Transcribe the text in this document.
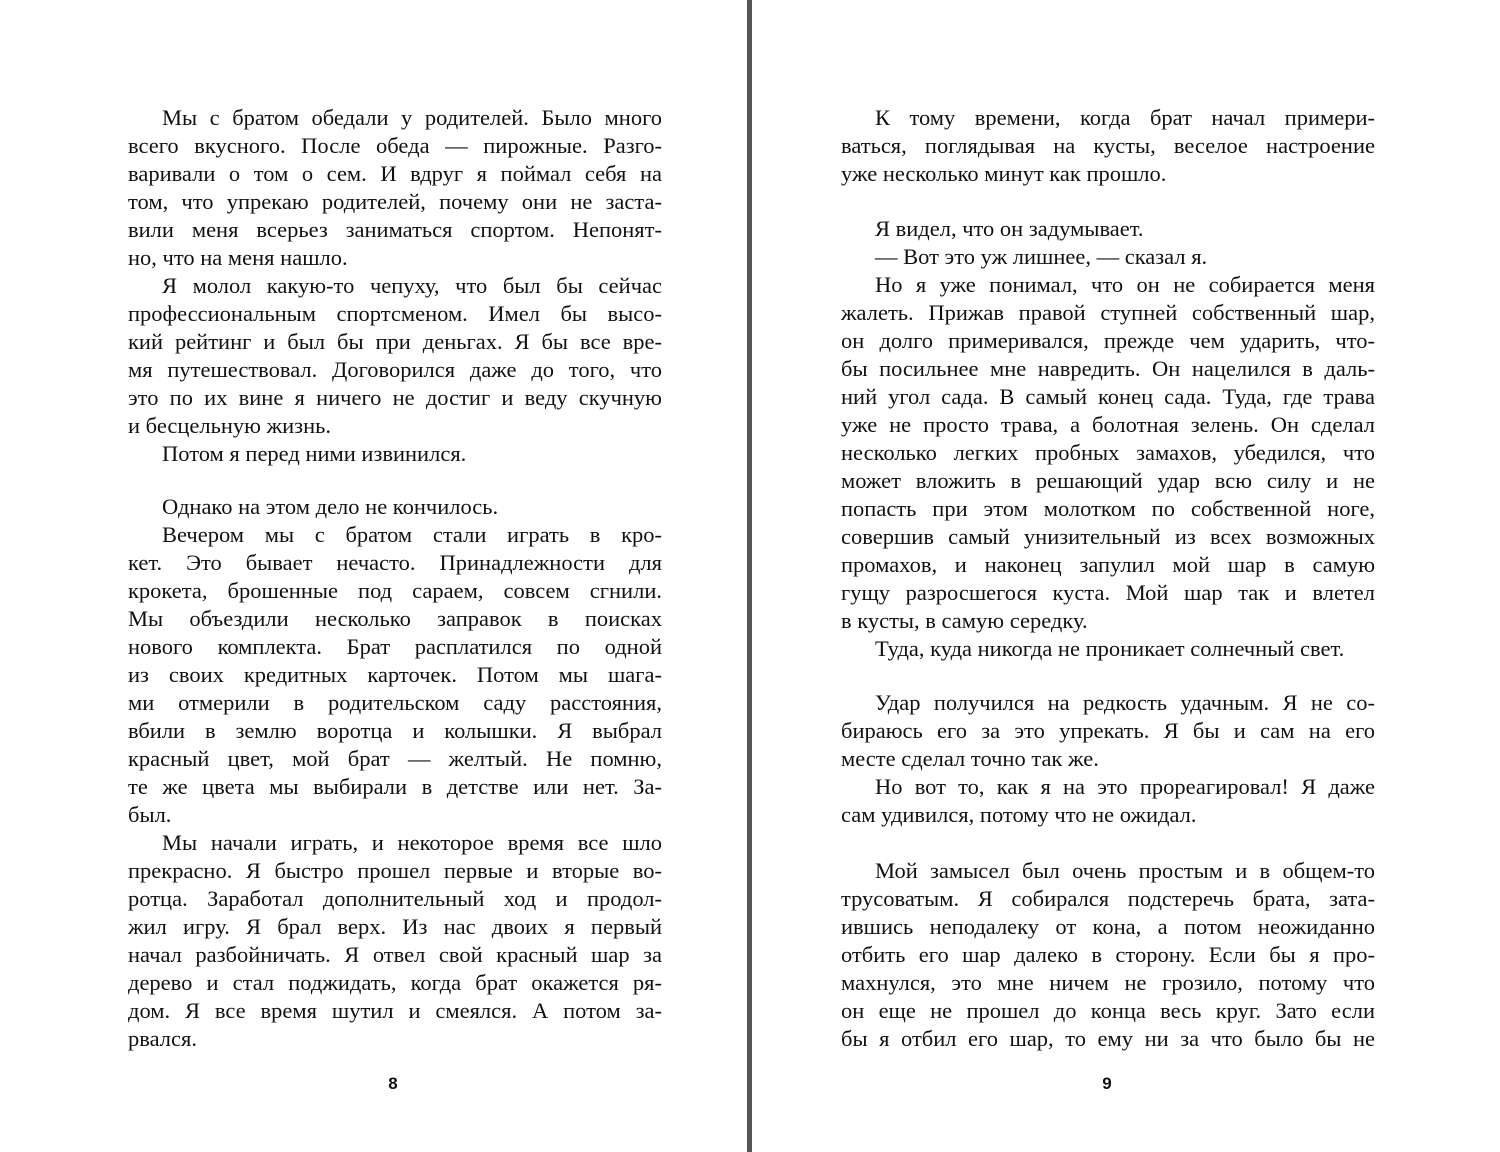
Мы с братом обедали у родителей. Было много
всего вкусного. После обеда — пирожные. Разго-
варивали о том о сем. И вдруг я поймал себя на
том, что упрекаю родителей, почему они не заста-
вили меня всерьез заниматься спортом. Непонят-
но, что на меня нашло.
Я молол какую-то чепуху, что был бы сейчас
профессиональным спортсменом. Имел бы высо-
кий рейтинг и был бы при деньгах. Я бы все вре-
мя путешествовал. Договорился даже до того, что
это по их вине я ничего не достиг и веду скучную
и бесцельную жизнь.
Потом я перед ними извинился.
Однако на этом дело не кончилось.
Вечером мы с братом стали играть в кро-
кет. Это бывает нечасто. Принадлежности для
крокета, брошенные под сараем, совсем сгнили.
Мы объездили несколько заправок в поисках
нового комплекта. Брат расплатился по одной
из своих кредитных карточек. Потом мы шага-
ми отмерили в родительском саду расстояния,
вбили в землю воротца и колышки. Я выбрал
красный цвет, мой брат — желтый. Не помню,
те же цвета мы выбирали в детстве или нет. За-
был.
Мы начали играть, и некоторое время все шло
прекрасно. Я быстро прошел первые и вторые во-
ротца. Заработал дополнительный ход и продол-
жил игру. Я брал верх. Из нас двоих я первый
начал разбойничать. Я отвел свой красный шар за
дерево и стал поджидать, когда брат окажется ря-
дом. Я все время шутил и смеялся. А потом за-
рвался.
8
К тому времени, когда брат начал примери-
ваться, поглядывая на кусты, веселое настроение
уже несколько минут как прошло.
Я видел, что он задумывает.
— Вот это уж лишнее, — сказал я.
Но я уже понимал, что он не собирается меня
жалеть. Прижав правой ступней собственный шар,
он долго примеривался, прежде чем ударить, что-
бы посильнее мне навредить. Он нацелился в даль-
ний угол сада. В самый конец сада. Туда, где трава
уже не просто трава, а болотная зелень. Он сделал
несколько легких пробных замахов, убедился, что
может вложить в решающий удар всю силу и не
попасть при этом молотком по собственной ноге,
совершив самый унизительный из всех возможных
промахов, и наконец запулил мой шар в самую
гущу разросшегося куста. Мой шар так и влетел
в кусты, в самую середку.
Туда, куда никогда не проникает солнечный свет.
Удар получился на редкость удачным. Я не со-
бираюсь его за это упрекать. Я бы и сам на его
месте сделал точно так же.
Но вот то, как я на это прореагировал! Я даже
сам удивился, потому что не ожидал.
Мой замысел был очень простым и в общем-то
трусоватым. Я собирался подстеречь брата, зата-
ившись неподалеку от кона, а потом неожиданно
отбить его шар далеко в сторону. Если бы я про-
махнулся, это мне ничем не грозило, потому что
он еще не прошел до конца весь круг. Зато если
бы я отбил его шар, то ему ни за что было бы не
9
